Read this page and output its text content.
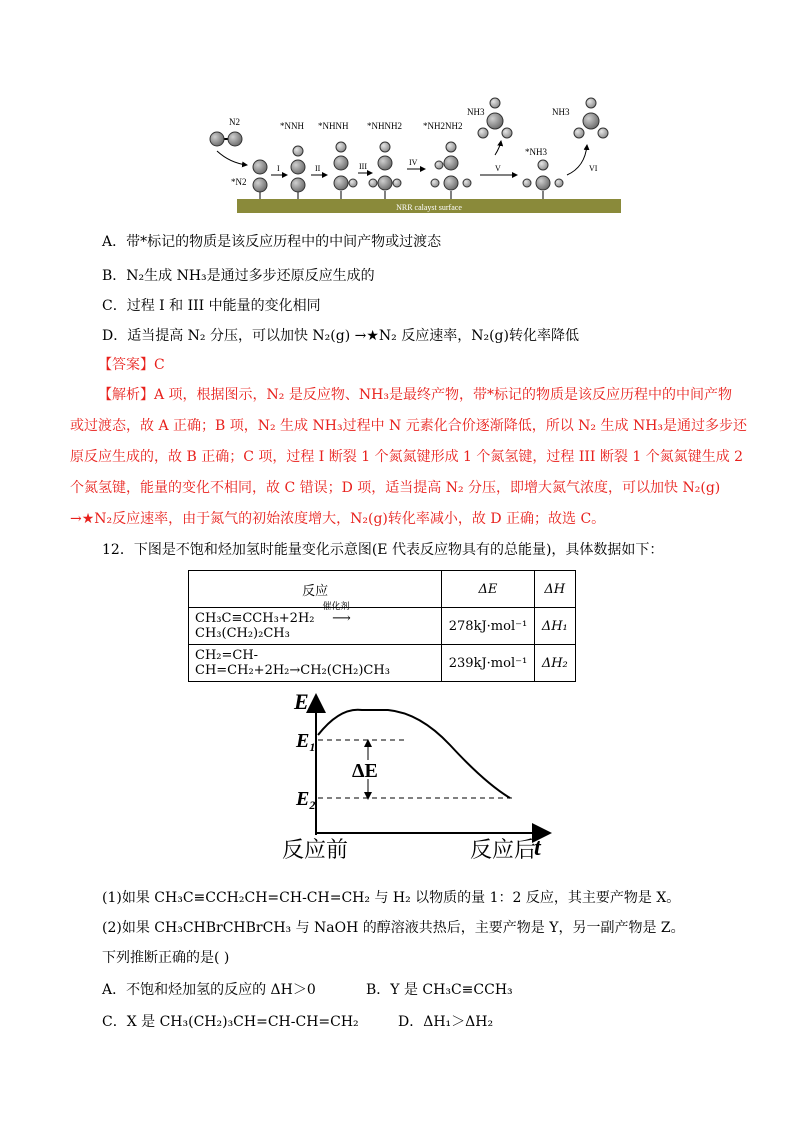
NRR calayst surface
N2
*N2
I
*NNH
II
*NHNH
III
*NHNH2
IV
*NH2NH2
NH3
V
*NH3
VI
NH3
A．带*标记的物质是该反应历程中的中间产物或过渡态
B．N₂生成 NH₃是通过多步还原反应生成的
C．过程 I 和 III 中能量的变化相同
D．适当提高 N₂ 分压，可以加快 N₂(g) →★N₂ 反应速率，N₂(g)转化率降低
【答案】C
【解析】A 项，根据图示，N₂ 是反应物、NH₃是最终产物，带*标记的物质是该反应历程中的中间产物
或过渡态，故 A 正确；B 项，N₂ 生成 NH₃过程中 N 元素化合价逐渐降低，所以 N₂ 生成 NH₃是通过多步还
原反应生成的，故 B 正确；C 项，过程 I 断裂 1 个氮氮键形成 1 个氮氢键，过程 III 断裂 1 个氮氮键生成 2
个氮氢键，能量的变化不相同，故 C 错误；D 项，适当提高 N₂ 分压，即增大氮气浓度，可以加快 N₂(g)
→★N₂反应速率，由于氮气的初始浓度增大，N₂(g)转化率减小，故 D 正确；故选 C。
12．下图是不饱和烃加氢时能量变化示意图(E 代表反应物具有的总能量)，具体数据如下：
反应	ΔE	ΔH
CH₃C≡CCH₃+2H₂
催化剂
⟶CH₃(CH₂)₂CH₃	278kJ·mol⁻¹	ΔH₁
CH₂=CH-CH=CH₂+2H₂→CH₂(CH₂)CH₃	239kJ·mol⁻¹	ΔH₂
E
t
$E_1$
$E_2$
ΔE
反应前	反应后
(1)如果 CH₃C≡CCH₂CH=CH-CH=CH₂ 与 H₂ 以物质的量 1：2 反应，其主要产物是 X。
(2)如果 CH₃CHBrCHBrCH₃ 与 NaOH 的醇溶液共热后，主要产物是 Y，另一副产物是 Z。
下列推断正确的是( )
A．不饱和烃加氢的反应的 ΔH＞0	B．Y 是 CH₃C≡CCH₃
C．X 是 CH₃(CH₂)₃CH=CH-CH=CH₂	D．ΔH₁＞ΔH₂
